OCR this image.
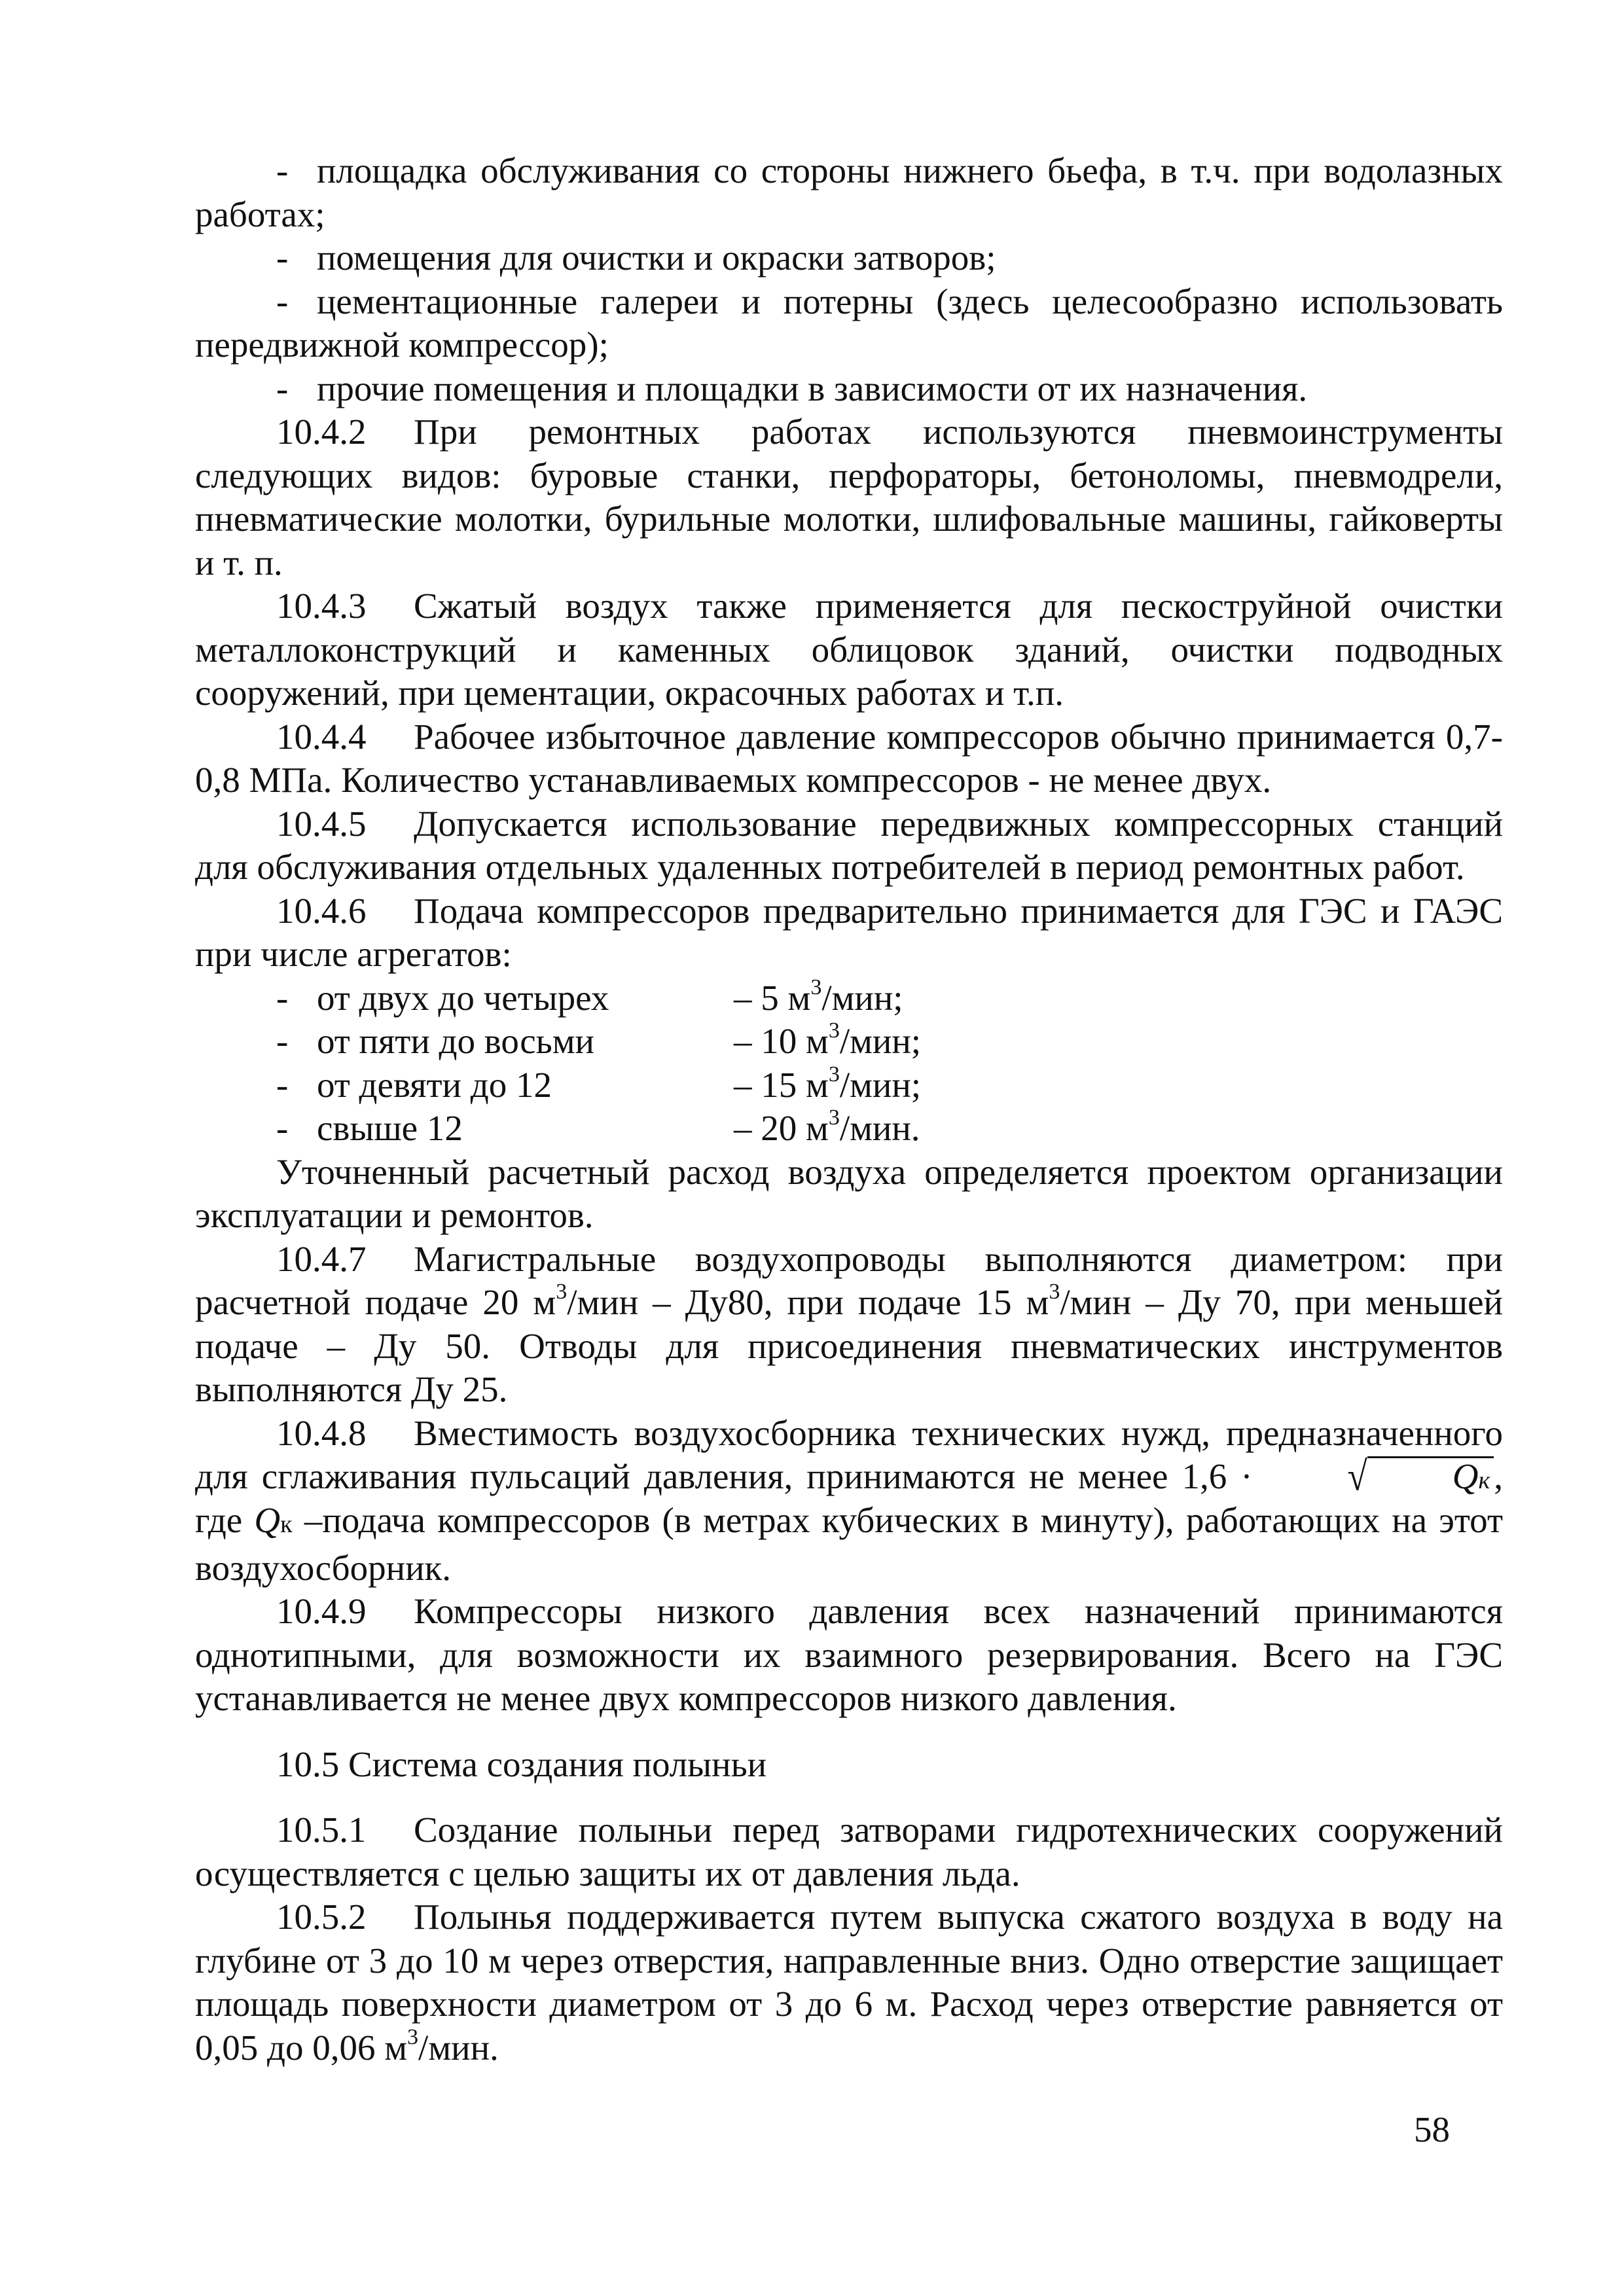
- площадка обслуживания со стороны нижнего бьефа, в т.ч. при водолазных работах;

- помещения для очистки и окраски затворов;

- цементационные галереи и потерны (здесь целесообразно использовать передвижной компрессор);

- прочие помещения и площадки в зависимости от их назначения.

10.4.2 При ремонтных работах используются пневмоинструменты следующих видов: буровые станки, перфораторы, бетоноломы, пневмодрели, пневматические молотки, бурильные молотки, шлифовальные машины, гайковерты и т. п.

10.4.3 Сжатый воздух также применяется для пескоструйной очистки металлоконструкций и каменных облицовок зданий, очистки подводных сооружений, при цементации, окрасочных работах и т.п.

10.4.4 Рабочее избыточное давление компрессоров обычно принимается 0,7-0,8 МПа. Количество устанавливаемых компрессоров - не менее двух.

10.4.5 Допускается использование передвижных компрессорных станций для обслуживания отдельных удаленных потребителей в период ремонтных работ.

10.4.6 Подача компрессоров предварительно принимается для ГЭС и ГАЭС при числе агрегатов:

- от двух до четырех	– 5 $м^3$/мин;

- от пяти до восьми	– 10 $м^3$/мин;

- от девяти до 12	– 15 $м^3$/мин;

- свыше 12	– 20 $м^3$/мин.

Уточненный расчетный расход воздуха определяется проектом организации эксплуатации и ремонтов.

10.4.7 Магистральные воздухопроводы выполняются диаметром: при расчетной подаче 20 $м^3$/мин – Ду80, при подаче 15 $м^3$/мин – Ду 70, при меньшей подаче – Ду 50. Отводы для присоединения пневматических инструментов выполняются Ду 25.

10.4.8 Вместимость воздухосборника технических нужд, предназначенного для сглаживания пульсаций давления, принимаются не менее 1,6 · √ Qк , где Qк –подача компрессоров (в метрах кубических в минуту), работающих на этот воздухосборник.

10.4.9 Компрессоры низкого давления всех назначений принимаются однотипными, для возможности их взаимного резервирования. Всего на ГЭС устанавливается не менее двух компрессоров низкого давления.

10.5 Система создания полыньи

10.5.1 Создание полыньи перед затворами гидротехнических сооружений осуществляется с целью защиты их от давления льда.

10.5.2 Полынья поддерживается путем выпуска сжатого воздуха в воду на глубине от 3 до 10 м через отверстия, направленные вниз. Одно отверстие защищает площадь поверхности диаметром от 3 до 6 м. Расход через отверстие равняется от 0,05 до 0,06 $м^3$/мин.

58
